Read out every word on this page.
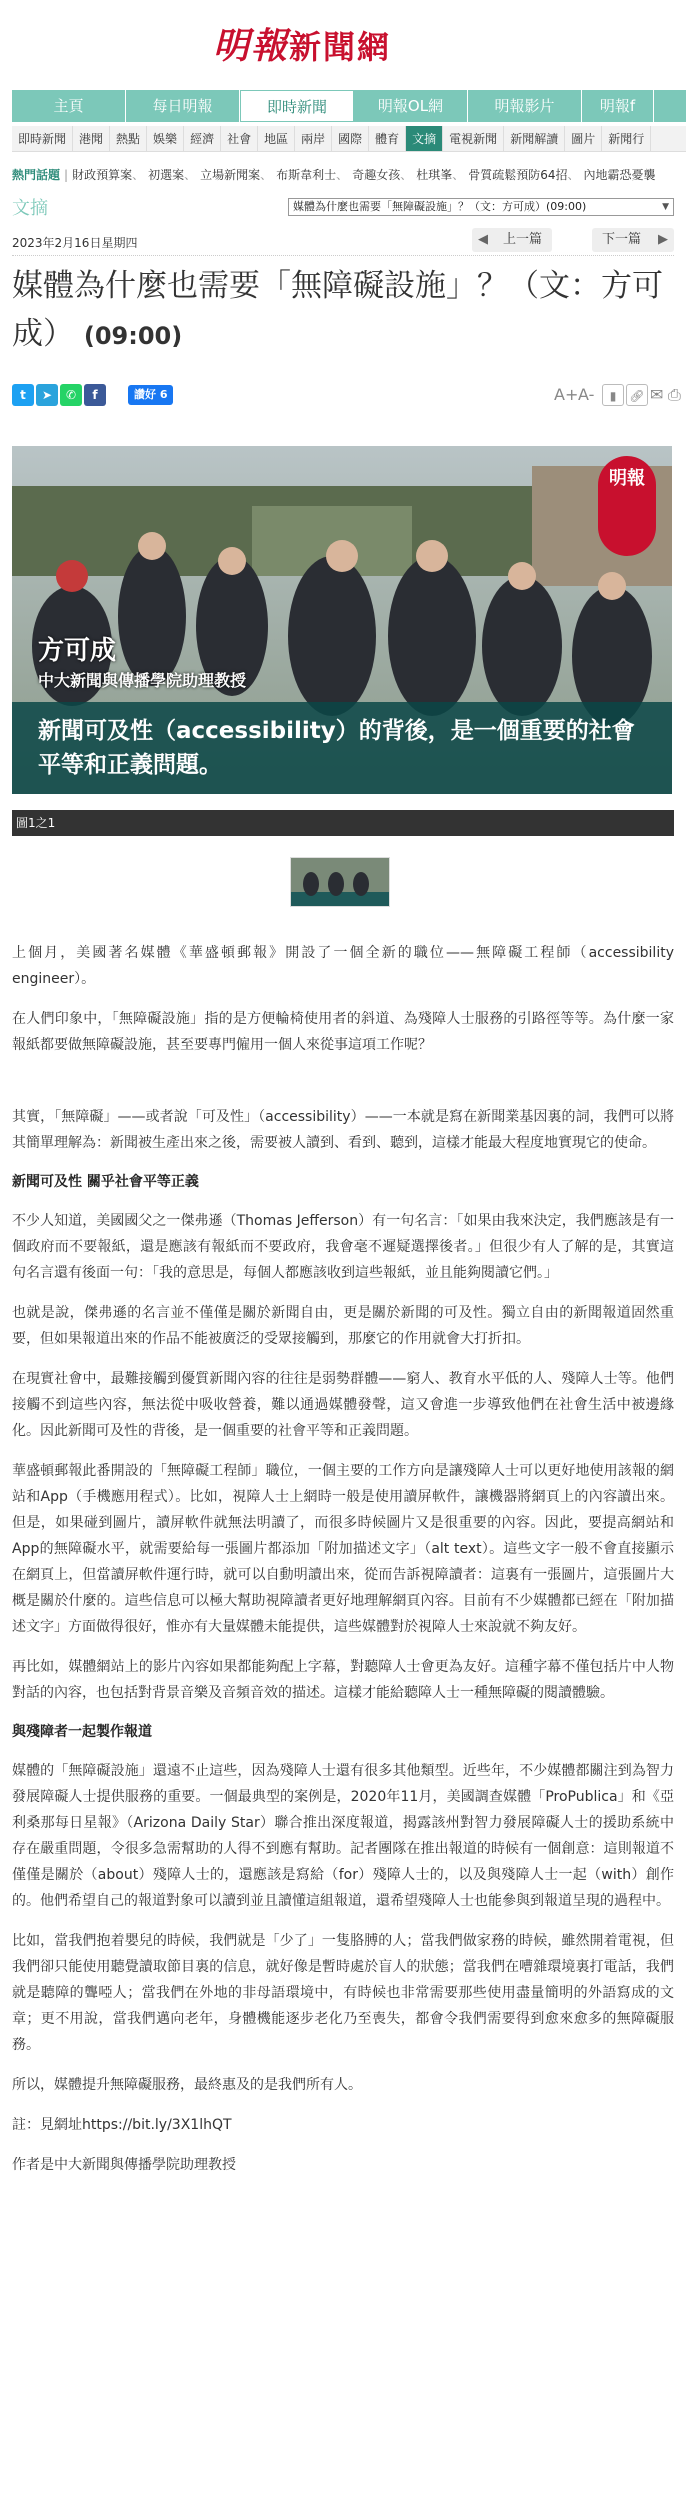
明報新聞網
主頁	每日明報	即時新聞	明報OL網	明報影片	明報f
即時新聞	港聞	熱點	娛樂	經濟	社會	地區	兩岸	國際	體育	文摘	電視新聞	新聞解讀	圖片	新聞行
熱門話題 | 財政預算案、 初選案、 立場新聞案、 布斯韋利士、 奇趣女孩、 杜琪峯、 骨質疏鬆預防64招、 內地霸恐憂襲
文摘	媒體為什麼也需要「無障礙設施」？（文：方可成）(09:00)	▼
2023年2月16日星期四	◀ 上一篇	下一篇 ▶
媒體為什麼也需要「無障礙設施」？（文：方可成） (09:00)
t	➤	✆	f	讚好 6	A+ A-	▮	🔗︎ ✉ ⎙
明報
方可成
中大新聞與傳播學院助理教授
新聞可及性（accessibility）的背後，是一個重要的社會平等和正義問題。
圖1之1

上個月，美國著名媒體《華盛頓郵報》開設了一個全新的職位——無障礙工程師（accessibility engineer）。

在人們印象中，「無障礙設施」指的是方便輪椅使用者的斜道、為殘障人士服務的引路徑等等。為什麼一家報紙都要做無障礙設施，甚至要專門僱用一個人來從事這項工作呢？

其實，「無障礙」——或者說「可及性」（accessibility）——一本就是寫在新聞業基因裏的詞，我們可以將其簡單理解為：新聞被生產出來之後，需要被人讀到、看到、聽到，這樣才能最大程度地實現它的使命。

新聞可及性 關乎社會平等正義

不少人知道，美國國父之一傑弗遜（Thomas Jefferson）有一句名言：「如果由我來決定，我們應該是有一個政府而不要報紙，還是應該有報紙而不要政府，我會毫不遲疑選擇後者。」但很少有人了解的是，其實這句名言還有後面一句：「我的意思是，每個人都應該收到這些報紙，並且能夠閱讀它們。」

也就是說，傑弗遜的名言並不僅僅是關於新聞自由，更是關於新聞的可及性。獨立自由的新聞報道固然重要，但如果報道出來的作品不能被廣泛的受眾接觸到，那麼它的作用就會大打折扣。

在現實社會中，最難接觸到優質新聞內容的往往是弱勢群體——窮人、教育水平低的人、殘障人士等。他們接觸不到這些內容，無法從中吸收營養，難以通過媒體發聲，這又會進一步導致他們在社會生活中被邊緣化。因此新聞可及性的背後，是一個重要的社會平等和正義問題。

華盛頓郵報此番開設的「無障礙工程師」職位，一個主要的工作方向是讓殘障人士可以更好地使用該報的網站和App（手機應用程式）。比如，視障人士上網時一般是使用讀屏軟件，讓機器將網頁上的內容讀出來。但是，如果碰到圖片，讀屏軟件就無法明讀了，而很多時候圖片又是很重要的內容。因此，要提高網站和App的無障礙水平，就需要給每一張圖片都添加「附加描述文字」（alt text）。這些文字一般不會直接顯示在網頁上，但當讀屏軟件運行時，就可以自動明讀出來，從而告訴視障讀者：這裏有一張圖片，這張圖片大概是關於什麼的。這些信息可以極大幫助視障讀者更好地理解網頁內容。目前有不少媒體都已經在「附加描述文字」方面做得很好，惟亦有大量媒體未能提供，這些媒體對於視障人士來說就不夠友好。

再比如，媒體網站上的影片內容如果都能夠配上字幕，對聽障人士會更為友好。這種字幕不僅包括片中人物對話的內容，也包括對背景音樂及音頻音效的描述。這樣才能給聽障人士一種無障礙的閱讀體驗。

與殘障者一起製作報道

媒體的「無障礙設施」還遠不止這些，因為殘障人士還有很多其他類型。近些年，不少媒體都關注到為智力發展障礙人士提供服務的重要。一個最典型的案例是，2020年11月，美國調查媒體「ProPublica」和《亞利桑那每日星報》（Arizona Daily Star）聯合推出深度報道，揭露該州對智力發展障礙人士的援助系統中存在嚴重問題，令很多急需幫助的人得不到應有幫助。記者團隊在推出報道的時候有一個創意：這則報道不僅僅是關於（about）殘障人士的，還應該是寫給（for）殘障人士的，以及與殘障人士一起（with）創作的。他們希望自己的報道對象可以讀到並且讀懂這組報道，還希望殘障人士也能參與到報道呈現的過程中。

比如，當我們抱着嬰兒的時候，我們就是「少了」一隻胳膊的人；當我們做家務的時候，雖然開着電視，但我們卻只能使用聽覺讀取節目裏的信息，就好像是暫時處於盲人的狀態；當我們在嘈雜環境裏打電話，我們就是聽障的聾啞人；當我們在外地的非母語環境中，有時候也非常需要那些使用盡量簡明的外語寫成的文章；更不用說，當我們邁向老年，身體機能逐步老化乃至喪失，都會令我們需要得到愈來愈多的無障礙服務。

所以，媒體提升無障礙服務，最終惠及的是我們所有人。

註：見網址https://bit.ly/3X1lhQT

作者是中大新聞與傳播學院助理教授
